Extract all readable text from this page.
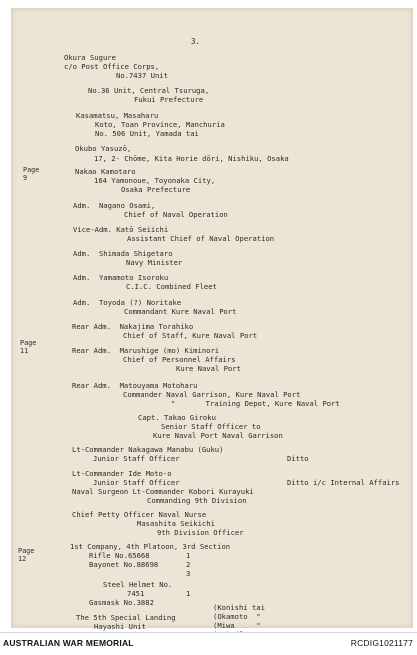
3.
Page
9
Page
11
Page
12
Okura Sugure
c/o Post Office Corps,
No.7437 Unit
No.36 Unit, Central Tsuruga,
Fukui Prefecture
Kasamatsu, Masaharu
Koto, Toan Province, Manchuria
No. 506 Unit, Yamada tai
Okubo Yasuzō,
17, 2- Chōme, Kita Horie dōri, Nishiku, Osaka
Nakao Kamotaro
164 Yamonoue, Toyonaka City,
Osaka Prefecture
Adm.  Nagano Osami,
Chief of Naval Operation
Vice-Adm. Katō Seiichi
Assistant Chief of Naval Operation
Adm.  Shimada Shigetaro
Navy Minister
Adm.  Yamamoto Isoroku
C.I.C. Combined Fleet
Adm.  Toyoda (?) Noritake
Commandant Kure Naval Port
Rear Adm.  Nakajima Torahiko
Chief of Staff, Kure Naval Port
Rear Adm.  Marushige (mo) Kiminori
Chief of Personnel Affairs
Kure Naval Port
Rear Adm.  Matouyama Motoharu
Commander Naval Garrison, Kure Naval Port
"       Training Depot, Kure Naval Port
Capt. Takao Giroku
Senior Staff Officer to
Kure Naval Port Naval Garrison
Lt-Commander Nakagawa Manabu (Guku)
Junior Staff Officer	Ditto
Lt-Commander Ide Moto-o
Junior Staff Officer	Ditto i/c Internal Affairs
Naval Surgeon Lt-Commander Kobori Kurayuki
Commanding 9th Division
Chief Petty Officer Naval Nurse
Masashita Seikichi
9th Division Officer
1st Company, 4th Platoon, 3rd Section
Rifle No.65668	1
Bayonet No.88698	2
3
Steel Helmet No.
7451	1
Gasmask No.3882
The 5th Special Landing
Hayashi Unit
(Konishi tai
(Okamoto  "
(Miwa     "
AUSTRALIAN WAR MEMORIAL	RCDIG1021177
